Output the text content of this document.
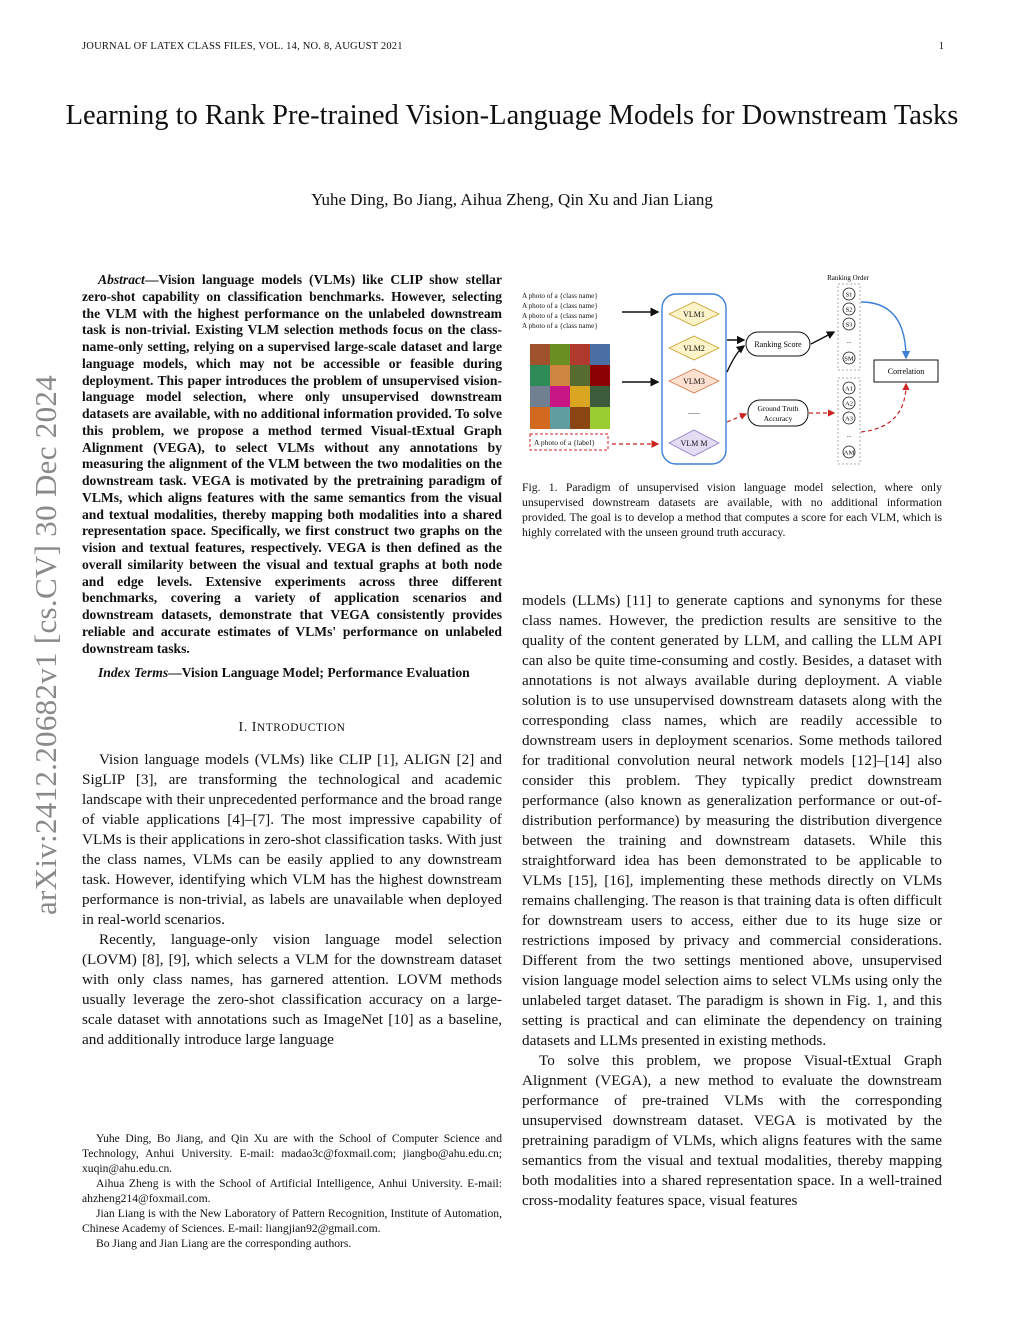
JOURNAL OF LATEX CLASS FILES, VOL. 14, NO. 8, AUGUST 2021	1
Learning to Rank Pre-trained Vision-Language Models for Downstream Tasks
Yuhe Ding, Bo Jiang, Aihua Zheng, Qin Xu and Jian Liang
arXiv:2412.20682v1 [cs.CV] 30 Dec 2024

Abstract—Vision language models (VLMs) like CLIP show stellar zero-shot capability on classification benchmarks. However, selecting the VLM with the highest performance on the unlabeled downstream task is non-trivial. Existing VLM selection methods focus on the class-name-only setting, relying on a supervised large-scale dataset and large language models, which may not be accessible or feasible during deployment. This paper introduces the problem of unsupervised vision-language model selection, where only unsupervised downstream datasets are available, with no additional information provided. To solve this problem, we propose a method termed Visual-tExtual Graph Alignment (VEGA), to select VLMs without any annotations by measuring the alignment of the VLM between the two modalities on the downstream task. VEGA is motivated by the pretraining paradigm of VLMs, which aligns features with the same semantics from the visual and textual modalities, thereby mapping both modalities into a shared representation space. Specifically, we first construct two graphs on the vision and textual features, respectively. VEGA is then defined as the overall similarity between the visual and textual graphs at both node and edge levels. Extensive experiments across three different benchmarks, covering a variety of application scenarios and downstream datasets, demonstrate that VEGA consistently provides reliable and accurate estimates of VLMs' performance on unlabeled downstream tasks.

Index Terms—Vision Language Model; Performance Evaluation

I. INTRODUCTION

Vision language models (VLMs) like CLIP [1], ALIGN [2] and SigLIP [3], are transforming the technological and academic landscape with their unprecedented performance and the broad range of viable applications [4]–[7]. The most impressive capability of VLMs is their applications in zero-shot classification tasks. With just the class names, VLMs can be easily applied to any downstream task. However, identifying which VLM has the highest downstream performance is non-trivial, as labels are unavailable when deployed in real-world scenarios.

Recently, language-only vision language model selection (LOVM) [8], [9], which selects a VLM for the downstream dataset with only class names, has garnered attention. LOVM methods usually leverage the zero-shot classification accuracy on a large-scale dataset with annotations such as ImageNet [10] as a baseline, and additionally introduce large language

Yuhe Ding, Bo Jiang, and Qin Xu are with the School of Computer Science and Technology, Anhui University. E-mail: madao3c@foxmail.com; jiangbo@ahu.edu.cn; xuqin@ahu.edu.cn.

Aihua Zheng is with the School of Artificial Intelligence, Anhui University. E-mail: ahzheng214@foxmail.com.

Jian Liang is with the New Laboratory of Pattern Recognition, Institute of Automation, Chinese Academy of Sciences. E-mail: liangjian92@gmail.com.

Bo Jiang and Jian Liang are the corresponding authors.

A photo of a {class name}
A photo of a {class name}
A photo of a {class name}
A photo of a {class name}
A photo of a {label}
VLM1
VLM2
VLM3
......
VLM M
Ranking Score
Ground Truth
Accuracy
Ranking Order
S1
S2
S3
...
SM
A1
A2
A3
...
AM
Correlation
Fig. 1. Paradigm of unsupervised vision language model selection, where only unsupervised downstream datasets are available, with no additional information provided. The goal is to develop a method that computes a score for each VLM, which is highly correlated with the unseen ground truth accuracy.

models (LLMs) [11] to generate captions and synonyms for these class names. However, the prediction results are sensitive to the quality of the content generated by LLM, and calling the LLM API can also be quite time-consuming and costly. Besides, a dataset with annotations is not always available during deployment. A viable solution is to use unsupervised downstream datasets along with the corresponding class names, which are readily accessible to downstream users in deployment scenarios. Some methods tailored for traditional convolution neural network models [12]–[14] also consider this problem. They typically predict downstream performance (also known as generalization performance or out-of-distribution performance) by measuring the distribution divergence between the training and downstream datasets. While this straightforward idea has been demonstrated to be applicable to VLMs [15], [16], implementing these methods directly on VLMs remains challenging. The reason is that training data is often difficult for downstream users to access, either due to its huge size or restrictions imposed by privacy and commercial considerations. Different from the two settings mentioned above, unsupervised vision language model selection aims to select VLMs using only the unlabeled target dataset. The paradigm is shown in Fig. 1, and this setting is practical and can eliminate the dependency on training datasets and LLMs presented in existing methods.

To solve this problem, we propose Visual-tExtual Graph Alignment (VEGA), a new method to evaluate the downstream performance of pre-trained VLMs with the corresponding unsupervised downstream dataset. VEGA is motivated by the pretraining paradigm of VLMs, which aligns features with the same semantics from the visual and textual modalities, thereby mapping both modalities into a shared representation space. In a well-trained cross-modality features space, visual features
